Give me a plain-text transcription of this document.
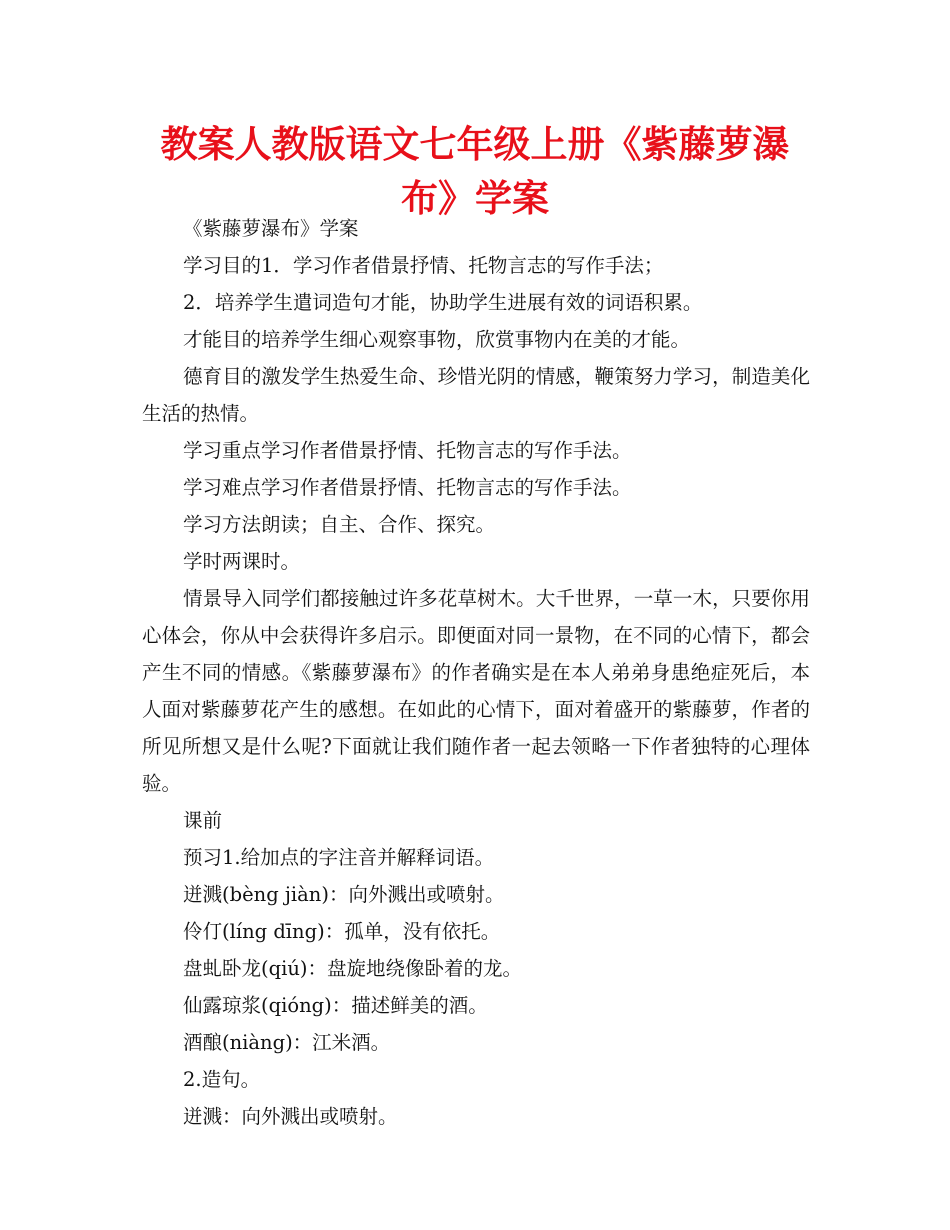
教案人教版语文七年级上册《紫藤萝瀑布》学案

《紫藤萝瀑布》学案

学习目的1．学习作者借景抒情、托物言志的写作手法；

2．培养学生遣词造句才能，协助学生进展有效的词语积累。

才能目的培养学生细心观察事物，欣赏事物内在美的才能。

德育目的激发学生热爱生命、珍惜光阴的情感，鞭策努力学习，制造美化生活的热情。

学习重点学习作者借景抒情、托物言志的写作手法。

学习难点学习作者借景抒情、托物言志的写作手法。

学习方法朗读；自主、合作、探究。

学时两课时。

情景导入同学们都接触过许多花草树木。大千世界，一草一木，只要你用心体会，你从中会获得许多启示。即便面对同一景物，在不同的心情下，都会产生不同的情感。《紫藤萝瀑布》的作者确实是在本人弟弟身患绝症死后，本人面对紫藤萝花产生的感想。在如此的心情下，面对着盛开的紫藤萝，作者的所见所想又是什么呢?下面就让我们随作者一起去领略一下作者独特的心理体验。

课前

预习1.给加点的字注音并解释词语。

迸溅(bèng jiàn)：向外溅出或喷射。

伶仃(líng dīng)：孤单，没有依托。

盘虬卧龙(qiú)：盘旋地绕像卧着的龙。

仙露琼浆(qióng)：描述鲜美的酒。

酒酿(niàng)：江米酒。

2.造句。

迸溅：向外溅出或喷射。
